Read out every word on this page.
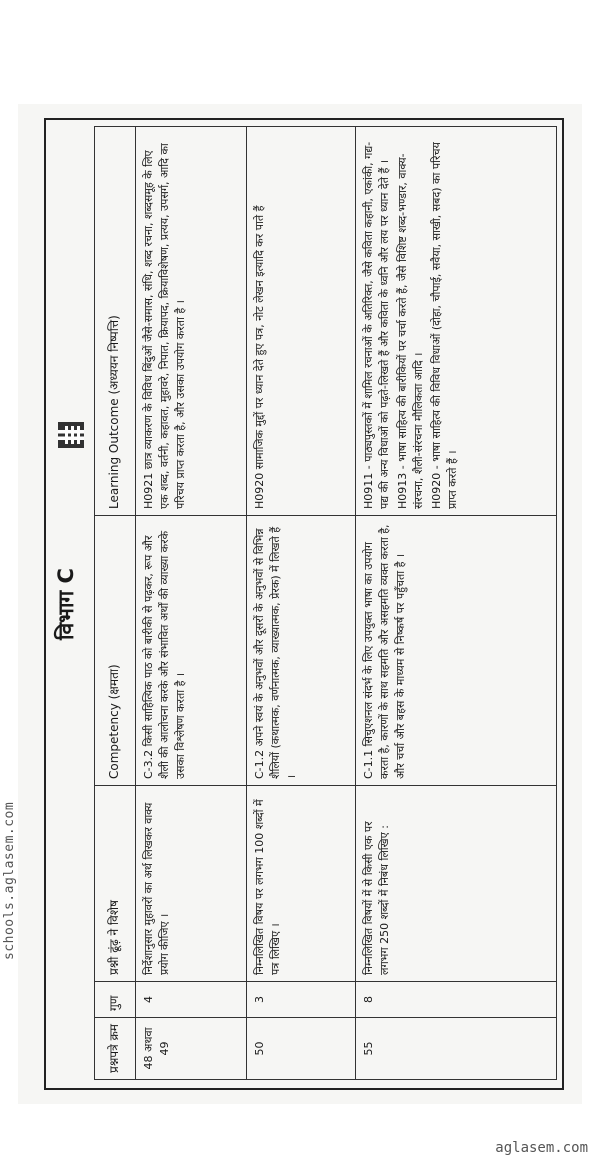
विभाग C
प्रश्नपत्रे क्रम	गुण	प्रश्नी ढूंढ़ ने विशेष	Competency (क्षमता)	Learning Outcome (अध्ययन निष्पत्ति)
48 अथवा 49	4	निर्देशानुसार मुहावरों का अर्थ लिखकर वाक्य प्रयोग कीजिए ।	C-3.2 किसी साहित्यिक पाठ को बारीकी से पढ़कर, रूप और शैली की आलोचना करके और संभावित अर्थों की व्याख्या करके उसका विश्लेषण करता है ।	H0921 छात्र व्याकरण के विविध बिंदुओं जैसे-समास, संधि, शब्द रचना, शब्दसमूह के लिए एक शब्द, वर्तनी, कहावत, मुहावरे, निपात, क्रियापद, क्रियाविशेषण, प्रत्यय, उपसर्ग, आदि का परिचय प्राप्त करता है, और उसका उपयोग करता है ।

50	3	निम्नलिखित विषय पर लगभग 100 शब्दों में पत्र लिखिए ।	C-1.2 अपने स्वयं के अनुभवों और दूसरों के अनुभवों से विभिन्न शैलियों (कथात्मक, वर्णनात्मक, व्याख्यात्मक, प्रेरक) में लिखते हैं ।	H0920 सामाजिक मुद्दों पर ध्यान देते हुए पत्र, नोट लेखन इत्यादि कर पाते हैं

55	8	निम्नलिखित विषयों में से किसी एक पर लगभग 250 शब्दों में निबंध लिखिए :	C-1.1 सिचुएशनल संदर्भ के लिए उपयुक्त भाषा का उपयोग करता है, कारणों के साथ सहमति और असहमति व्यक्त करता है, और चर्चा और बहस के माध्यम से निष्कर्ष पर पहुँचता है ।	H0911 - पाठ्यपुस्तकों में शामिल रचनाओं के अतिरिक्त, जैसे कविता कहानी, एकांकी, गद्य-पद्य की अन्य विधाओं को पढ़ते-लिखते हैं और कविता के ध्वनि और लय पर ध्यान देते हैं । H0913 - भाषा साहित्य की बारीकियों पर चर्चा करते हैं, जैसे विशिष्ट शब्द-भण्डार, वाक्य-संरचना, शैली-संरचना मौलिकता आदि । H0920 - भाषा साहित्य की विविध विधाओं (दोहा, चौपाई, सवैया, साखी, सबद) का परिचय प्राप्त करते हैं ।
schools.aglasem.com
aglasem.com
